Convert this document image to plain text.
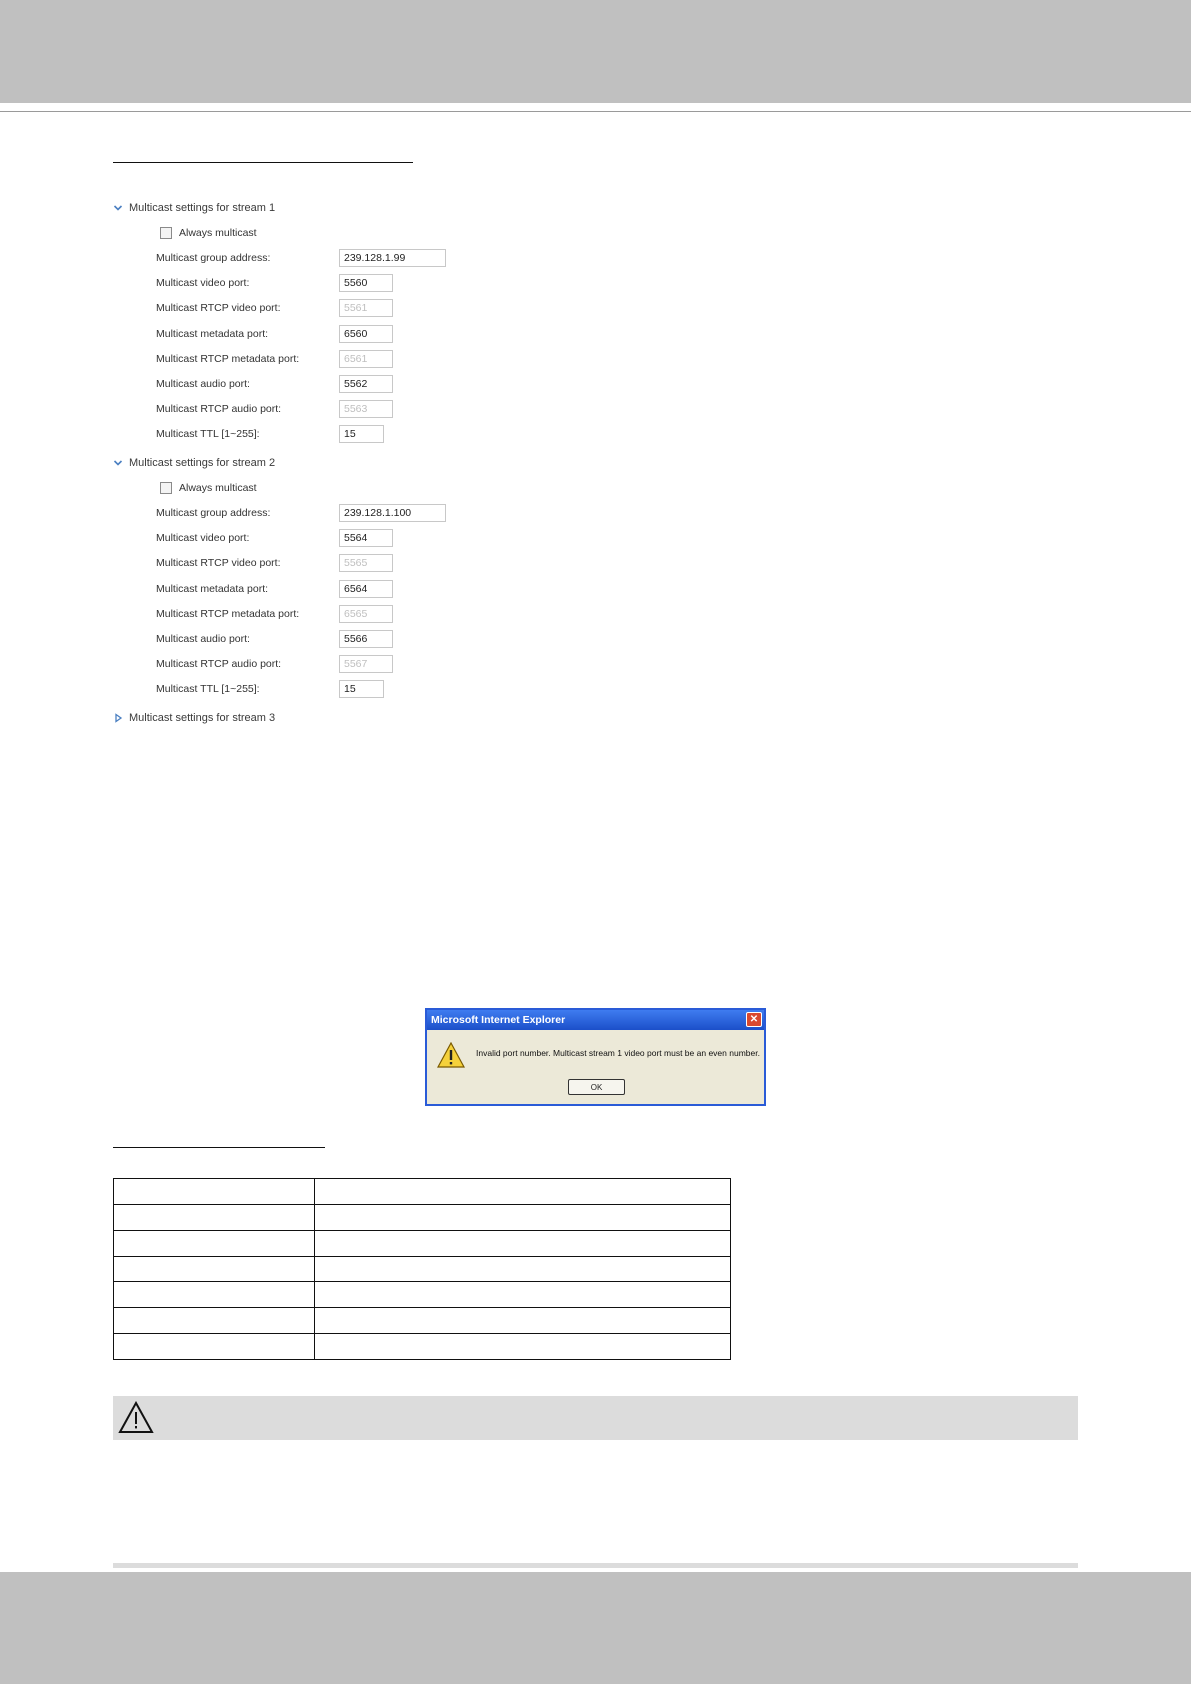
Multicast settings for stream 1
Always multicast
Multicast group address:	239.128.1.99
Multicast video port:	5560
Multicast RTCP video port:	5561
Multicast metadata port:	6560
Multicast RTCP metadata port:	6561
Multicast audio port:	5562
Multicast RTCP audio port:	5563
Multicast TTL [1~255]:	15
Multicast settings for stream 2
Always multicast
Multicast group address:	239.128.1.100
Multicast video port:	5564
Multicast RTCP video port:	5565
Multicast metadata port:	6564
Multicast RTCP metadata port:	6565
Multicast audio port:	5566
Multicast RTCP audio port:	5567
Multicast TTL [1~255]:	15
Multicast settings for stream 3
Microsoft Internet Explorer	✕
Invalid port number. Multicast stream 1 video port must be an even number.
OK
